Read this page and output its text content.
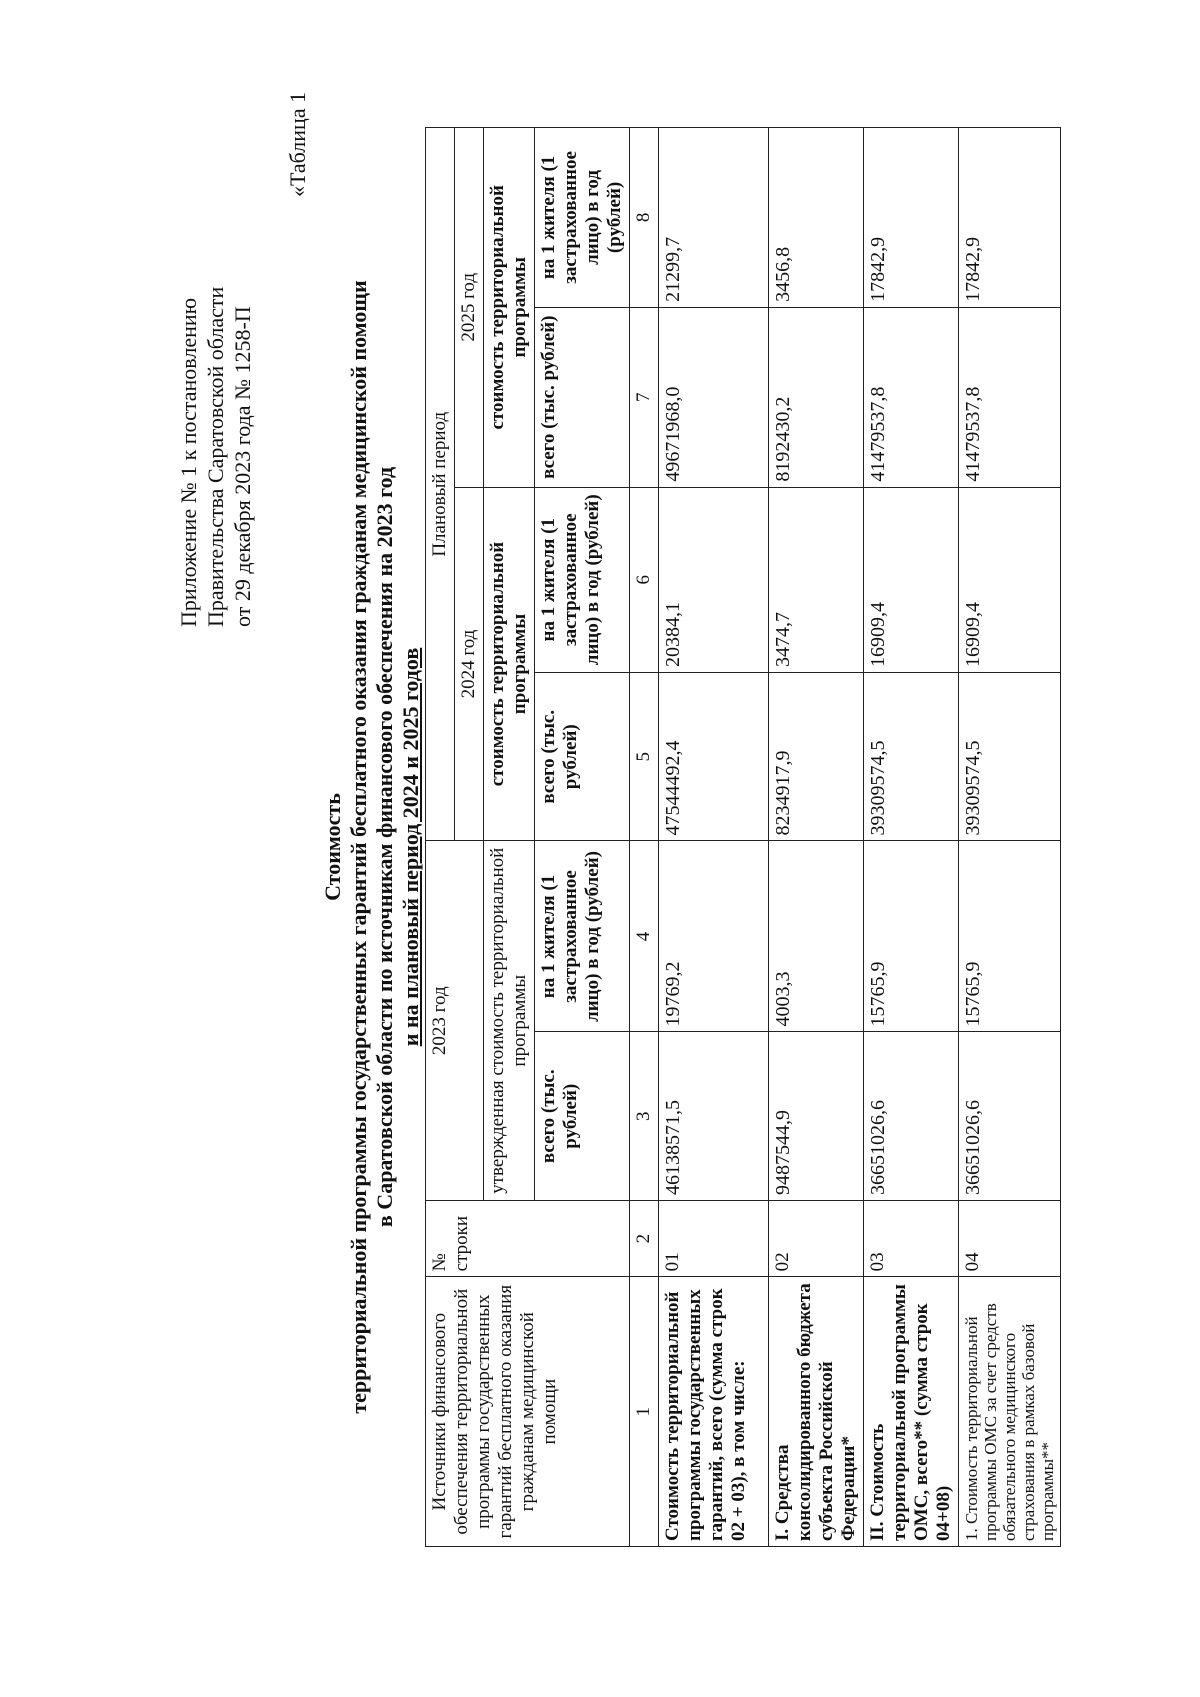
Приложение № 1 к постановлению Правительства Саратовской области от 29 декабря 2023 года № 1258-П
«Таблица 1
Стоимость территориальной программы государственных гарантий бесплатного оказания гражданам медицинской помощи в Саратовской области по источникам финансового обеспечения на 2023 год и на плановый период 2024 и 2025 годов
Источники финансового обеспечения территориальной программы государственных гарантий бесплатного оказания гражданам медицинской помощи	№ строки	2023 год		Плановый период			
				2024 год		2025 год	
		утвержденная стоимость территориальной программы		стоимость территориальной программы		стоимость территориальной программы	
		всего (тыс. рублей)	на 1 жителя (1 застрахованное лицо) в год (рублей)	всего (тыс. рублей)	на 1 жителя (1 застрахованное лицо) в год (рублей)	всего (тыс. рублей)	на 1 жителя (1 застрахованное лицо) в год (рублей)
1	2	3	4	5	6	7	8
Стоимость территориальной программы государственных гарантий, всего (сумма строк 02 + 03), в том числе:	01	46138571,5	19769,2	47544492,4	20384,1	49671968,0	21299,7
I. Средства консолидированного бюджета субъекта Российской Федерации*	02	9487544,9	4003,3	8234917,9	3474,7	8192430,2	3456,8
II. Стоимость территориальной программы ОМС, всего** (сумма строк 04+08)	03	36651026,6	15765,9	39309574,5	16909,4	41479537,8	17842,9
1. Стоимость территориальной программы ОМС за счет средств обязательного медицинского страхования в рамках базовой программы**	04	36651026,6	15765,9	39309574,5	16909,4	41479537,8	17842,9
